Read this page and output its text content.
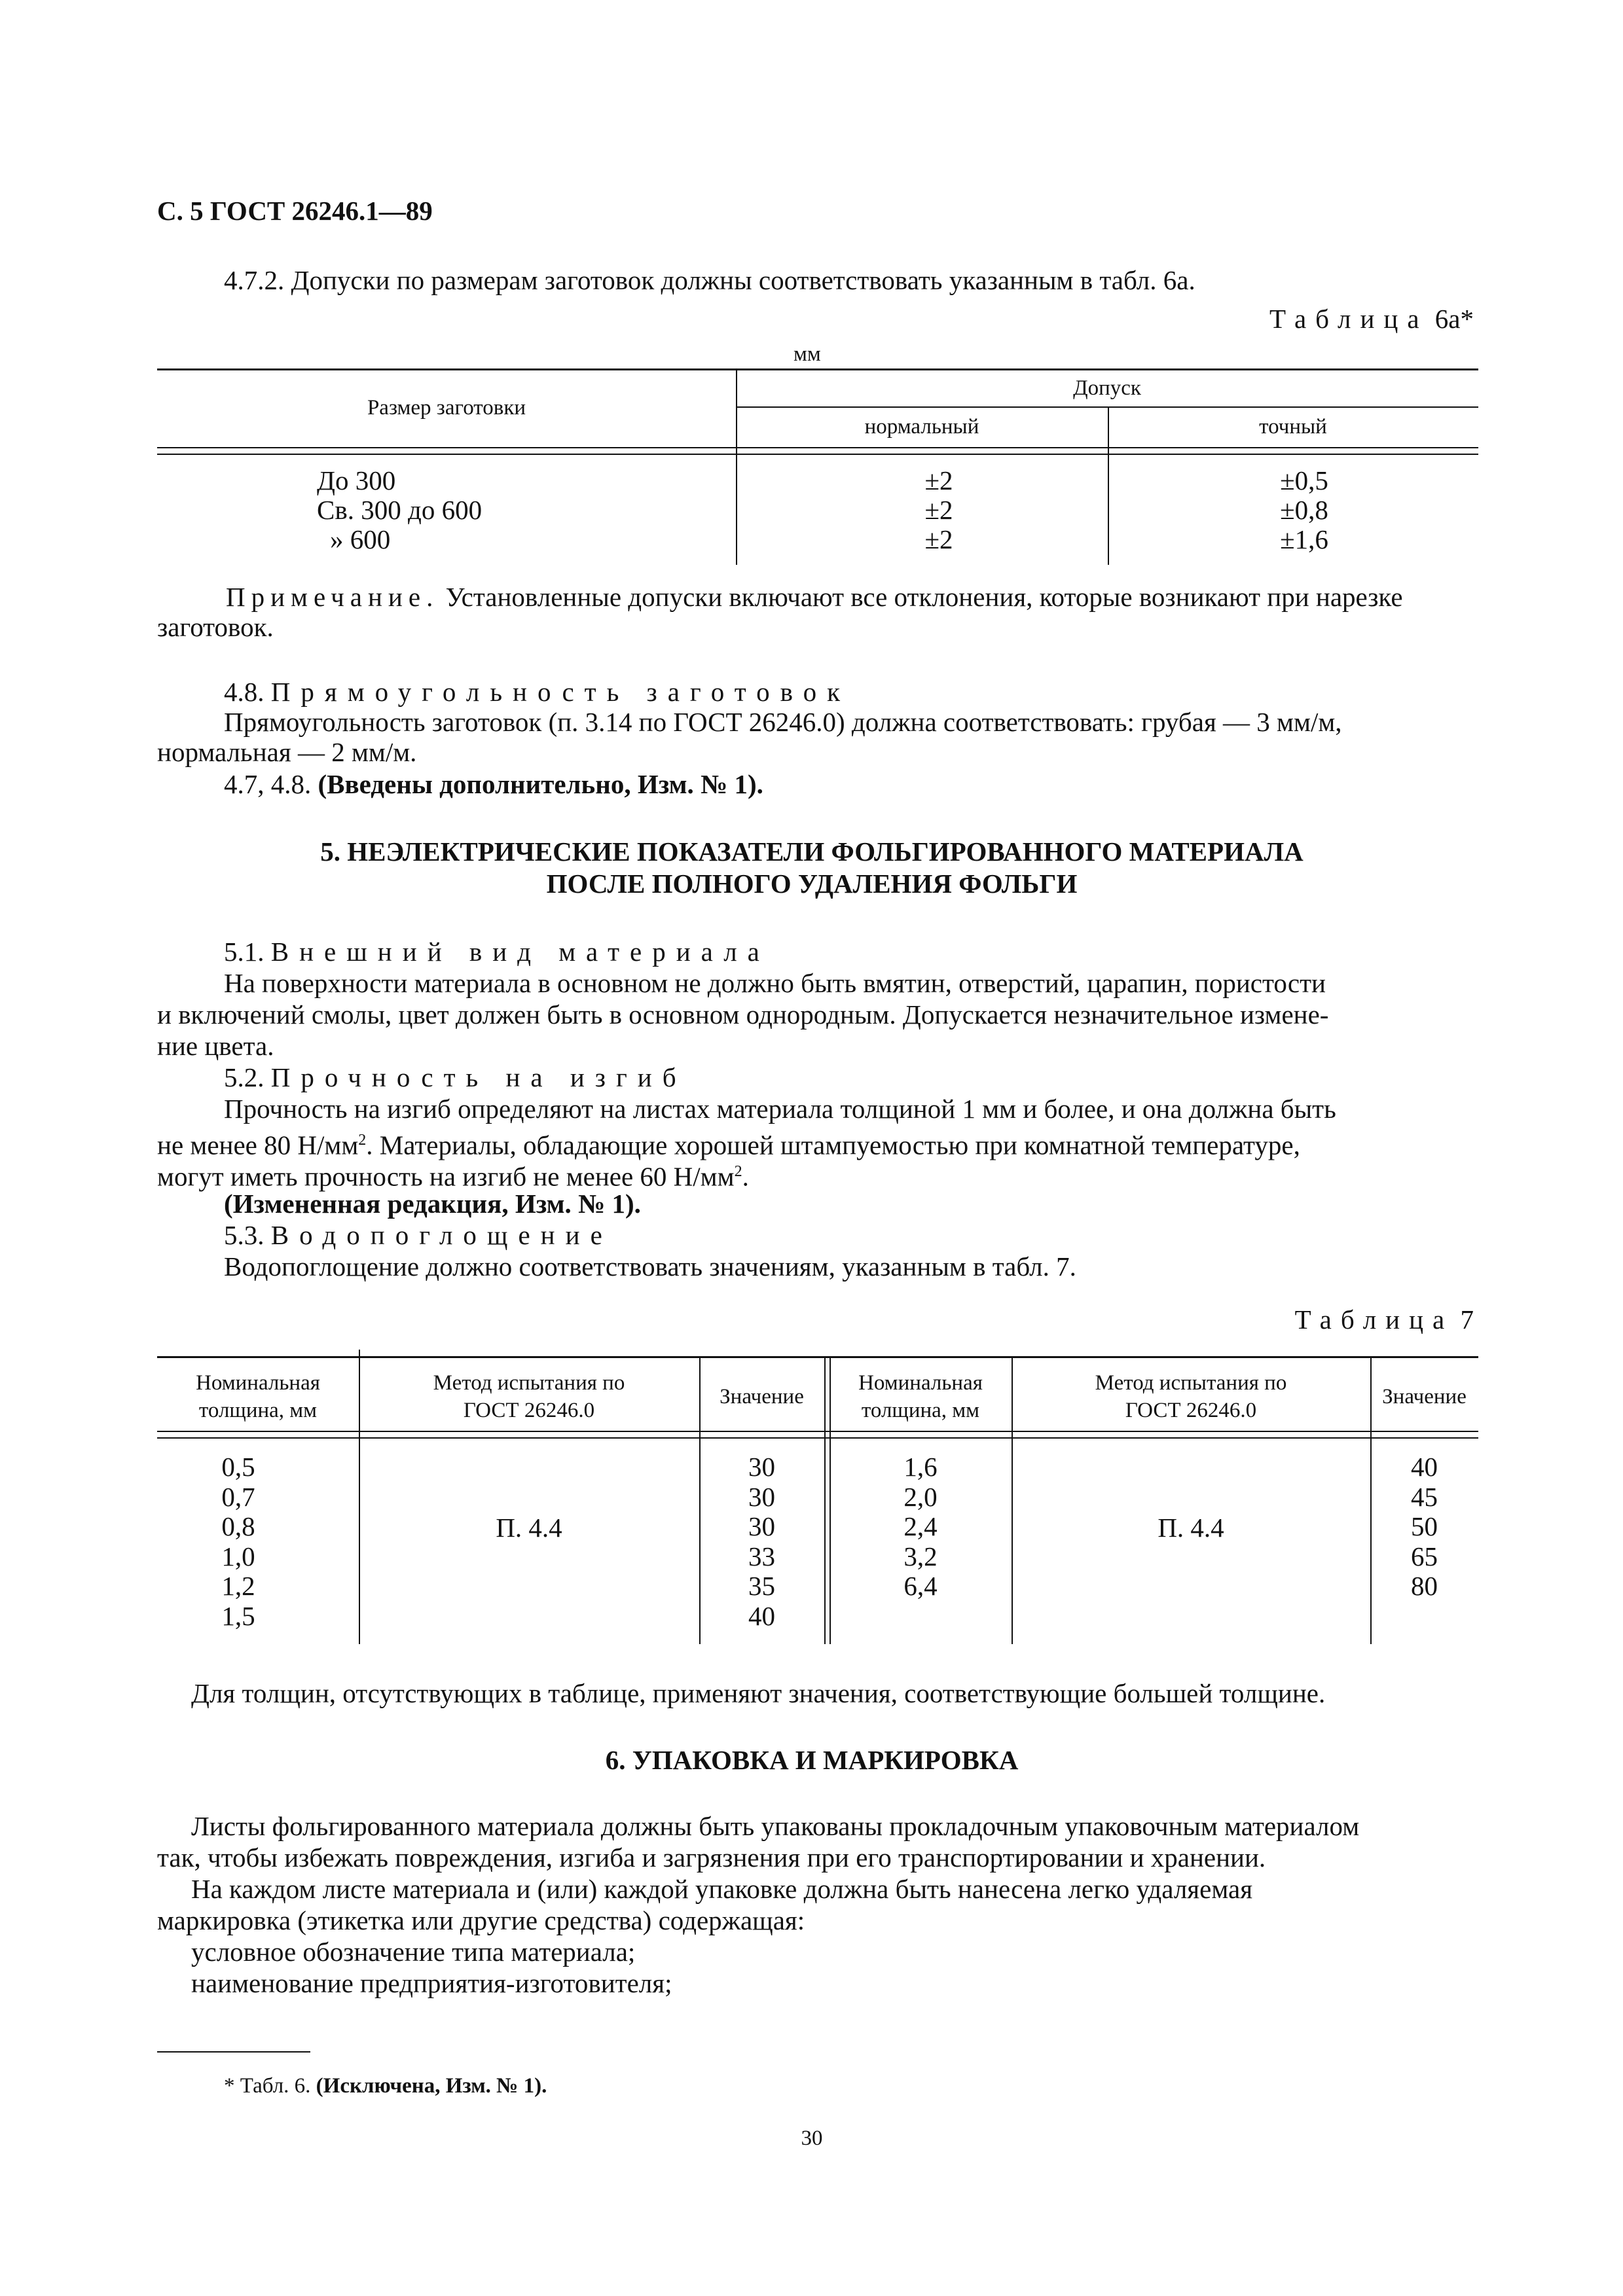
С. 5 ГОСТ 26246.1—89
4.7.2. Допуски по размерам заготовок должны соответствовать указанным в табл. 6а.
Таблица 6а*
мм
Размер заготовки
Допуск
нормальный	точный
До 300
Св. 300 до 600
» 600
±2
±2
±2
±0,5
±0,8
±1,6
Примечание. Установленные допуски включают все отклонения, которые возникают при нарезке
заготовок.
4.8. Прямоугольность заготовок
Прямоугольность заготовок (п. 3.14 по ГОСТ 26246.0) должна соответствовать: грубая — 3 мм/м,
нормальная — 2 мм/м.
4.7, 4.8. (Введены дополнительно, Изм. № 1).
5. НЕЭЛЕКТРИЧЕСКИЕ ПОКАЗАТЕЛИ ФОЛЬГИРОВАННОГО МАТЕРИАЛА
ПОСЛЕ ПОЛНОГО УДАЛЕНИЯ ФОЛЬГИ
5.1. Внешний вид материала
На поверхности материала в основном не должно быть вмятин, отверстий, царапин, пористости
и включений смолы, цвет должен быть в основном однородным. Допускается незначительное измене-
ние цвета.
5.2. Прочность на изгиб
Прочность на изгиб определяют на листах материала толщиной 1 мм и более, и она должна быть
не менее 80 $Н/мм^2$. Материалы, обладающие хорошей штампуемостью при комнатной температуре,
могут иметь прочность на изгиб не менее 60 $Н/мм^2$.
(Измененная редакция, Изм. № 1).
5.3. Водопоглощение
Водопоглощение должно соответствовать значениям, указанным в табл. 7.
Таблица 7
Номинальная
толщина, мм
Метод испытания по
ГОСТ 26246.0
Значение
Номинальная
толщина, мм
Метод испытания по
ГОСТ 26246.0
Значение
0,5
0,7
0,8
1,0
1,2
1,5
П. 4.4
30
30
30
33
35
40
1,6
2,0
2,4
3,2
6,4
П. 4.4
40
45
50
65
80
Для толщин, отсутствующих в таблице, применяют значения, соответствующие большей толщине.
6. УПАКОВКА И МАРКИРОВКА
Листы фольгированного материала должны быть упакованы прокладочным упаковочным материалом
так, чтобы избежать повреждения, изгиба и загрязнения при его транспортировании и хранении.
На каждом листе материала и (или) каждой упаковке должна быть нанесена легко удаляемая
маркировка (этикетка или другие средства) содержащая:
условное обозначение типа материала;
наименование предприятия-изготовителя;
* Табл. 6. (Исключена, Изм. № 1).
30
